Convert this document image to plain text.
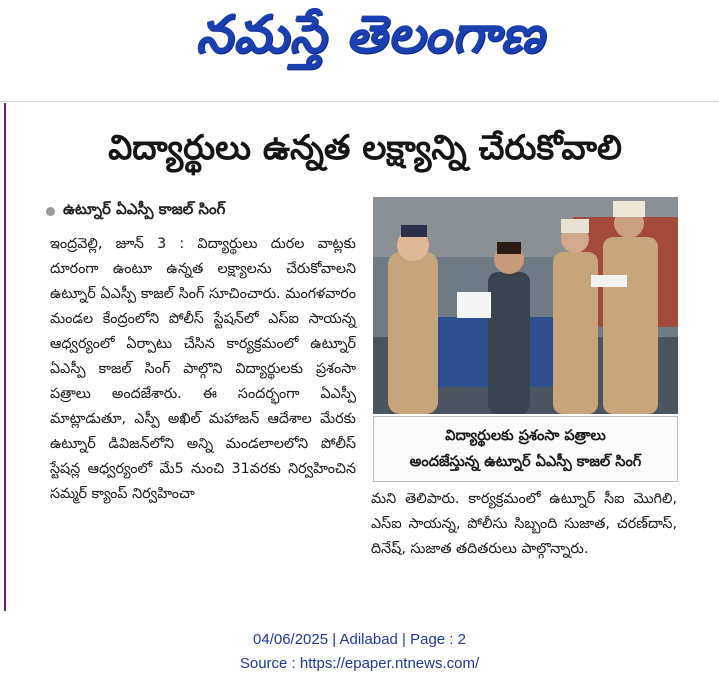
నమస్తే తెలంగాణ
విద్యార్థులు ఉన్నత లక్ష్యాన్ని చేరుకోవాలి
ఉట్నూర్ ఏఎస్పీ కాజల్ సింగ్
ఇంద్రవెల్లి, జూన్ 3 : విద్యార్థులు దురల వాట్లకు దూరంగా ఉంటూ ఉన్నత లక్ష్యాలను చేరుకోవాలని ఉట్నూర్ ఏఎస్పీ కాజల్ సింగ్ సూచించారు. మంగళవారం మండల కేంద్రంలోని పోలీస్ స్టేషన్‌లో ఎస్ఐ సాయన్న ఆధ్వర్యంలో ఏర్పాటు చేసిన కార్యక్రమంలో ఉట్నూర్ ఏఎస్పీ కాజల్ సింగ్ పాల్గొని విద్యార్థులకు ప్రశంసా పత్రాలు అందజేశారు. ఈ సందర్భంగా ఏఎస్పీ మాట్లాడుతూ, ఎస్పీ అఖిల్ మహాజన్ ఆదేశాల మేరకు ఉట్నూర్ డివిజన్‌లోని అన్ని మండలాలలోని పోలీస్ స్టేషన్ల ఆధ్వర్యంలో మే5 నుంచి 31వరకు నిర్వహించిన సమ్మర్ క్యాంప్ నిర్వహించా
విద్యార్థులకు ప్రశంసా పత్రాలు
అందజేస్తున్న ఉట్నూర్ ఏఎస్పీ కాజల్ సింగ్
మని తెలిపారు. కార్యక్రమంలో ఉట్నూర్ సీఐ మొగిలి, ఎస్ఐ సాయన్న, పోలీసు సిబ్బంది సుజాత, చరణ్‌దాస్, దినేష్, సుజాత తదితరులు పాల్గొన్నారు.
04/06/2025 | Adilabad | Page : 2
Source : https://epaper.ntnews.com/
